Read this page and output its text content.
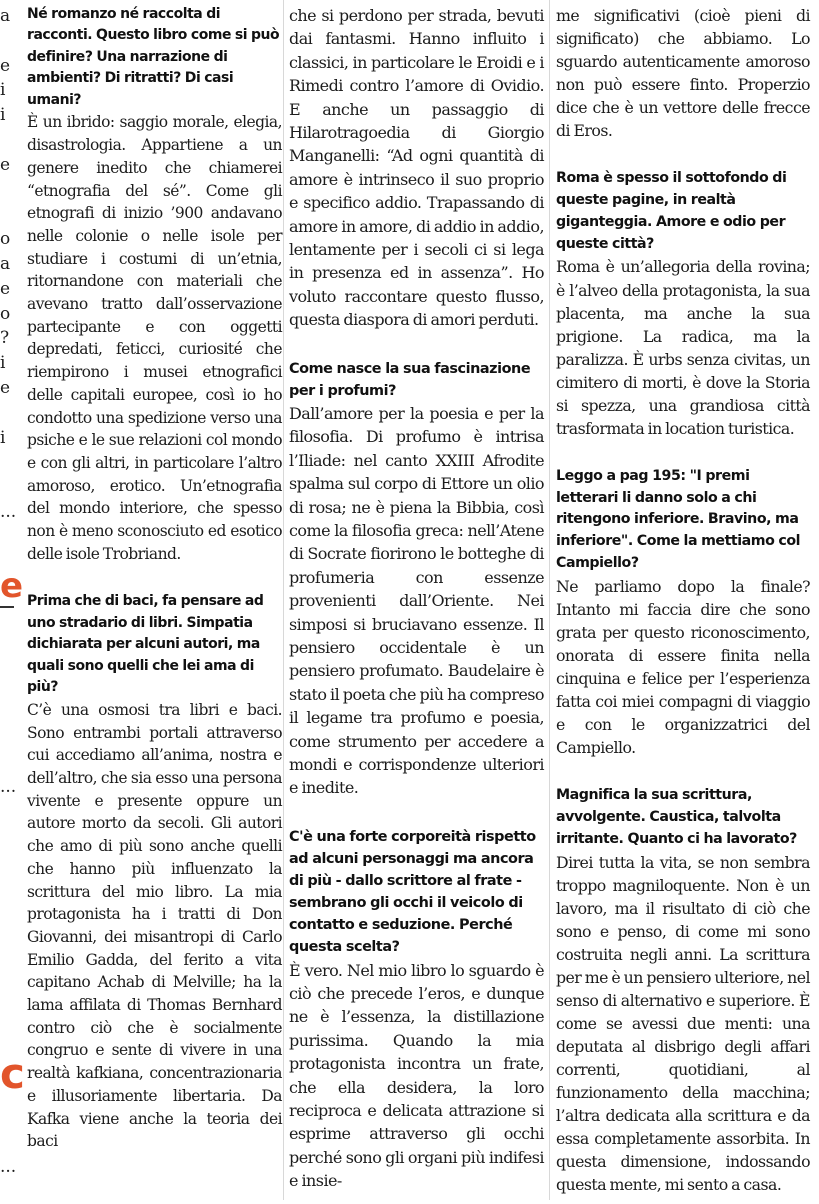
a
e
i
i
e
o
a
e
o
?
i
e
i
...
e
c
...
...

Né romanzo né raccolta di racconti. Questo libro come si può definire? Una narrazione di ambienti? Di ritratti? Di casi umani?

È un ibrido: saggio morale, elegia, disastrologia. Appartiene a un genere inedito che chiamerei “etnografia del sé”. Come gli etnografi di inizio ’900 andavano nelle colonie o nelle isole per studiare i costumi di un’etnia, ritornandone con materiali che avevano tratto dall’osservazione partecipante e con oggetti depredati, feticci, curiosité che riempirono i musei etnografici delle capitali europee, così io ho condotto una spedizione verso una psiche e le sue relazioni col mondo e con gli altri, in particolare l’altro amoroso, erotico. Un’etnografia del mondo interiore, che spesso non è meno sconosciuto ed esotico delle isole Trobriand.

Prima che di baci, fa pensare ad uno stradario di libri. Simpatia dichiarata per alcuni autori, ma quali sono quelli che lei ama di più?

C’è una osmosi tra libri e baci. Sono entrambi portali attraverso cui accediamo all’anima, nostra e dell’altro, che sia esso una persona vivente e presente oppure un autore morto da secoli. Gli autori che amo di più sono anche quelli che hanno più influenzato la scrittura del mio libro. La mia protagonista ha i tratti di Don Giovanni, dei misantropi di Carlo Emilio Gadda, del ferito a vita capitano Achab di Melville; ha la lama affilata di Thomas Bernhard contro ciò che è socialmente congruo e sente di vivere in una realtà kafkiana, concentrazionaria e illusoriamente libertaria. Da Kafka viene anche la teoria dei baci

che si perdono per strada, bevuti dai fantasmi. Hanno influito i classici, in particolare le Eroidi e i Rimedi contro l’amore di Ovidio. E anche un passaggio di Hilarotragoedia di Giorgio Manganelli: “Ad ogni quantità di amore è intrinseco il suo proprio e specifico addio. Trapassando di amore in amore, di addio in addio, lentamente per i secoli ci si lega in presenza ed in assenza”. Ho voluto raccontare questo flusso, questa diaspora di amori perduti.

Come nasce la sua fascinazione per i profumi?

Dall’amore per la poesia e per la filosofia. Di profumo è intrisa l’Iliade: nel canto XXIII Afrodite spalma sul corpo di Ettore un olio di rosa; ne è piena la Bibbia, così come la filosofia greca: nell’Atene di Socrate fiorirono le botteghe di profumeria con essenze provenienti dall’Oriente. Nei simposi si bruciavano essenze. Il pensiero occidentale è un pensiero profumato. Baudelaire è stato il poeta che più ha compreso il legame tra profumo e poesia, come strumento per accedere a mondi e corrispondenze ulteriori e inedite.

C'è una forte corporeità rispetto ad alcuni personaggi ma ancora di più - dallo scrittore al frate - sembrano gli occhi il veicolo di contatto e seduzione. Perché questa scelta?

È vero. Nel mio libro lo sguardo è ciò che precede l’eros, e dunque ne è l’essenza, la distillazione purissima. Quando la mia protagonista incontra un frate, che ella desidera, la loro reciproca e delicata attrazione si esprime attraverso gli occhi perché sono gli organi più indifesi e insie-

me significativi (cioè pieni di significato) che abbiamo. Lo sguardo autenticamente amoroso non può essere finto. Properzio dice che è un vettore delle frecce di Eros.

Roma è spesso il sottofondo di queste pagine, in realtà giganteggia. Amore e odio per queste città?

Roma è un’allegoria della rovina; è l’alveo della protagonista, la sua placenta, ma anche la sua prigione. La radica, ma la paralizza. È urbs senza civitas, un cimitero di morti, è dove la Storia si spezza, una grandiosa città trasformata in location turistica.

Leggo a pag 195: "I premi letterari li danno solo a chi ritengono inferiore. Bravino, ma inferiore". Come la mettiamo col Campiello?

Ne parliamo dopo la finale? Intanto mi faccia dire che sono grata per questo riconoscimento, onorata di essere finita nella cinquina e felice per l’esperienza fatta coi miei compagni di viaggio e con le organizzatrici del Campiello.

Magnifica la sua scrittura, avvolgente. Caustica, talvolta irritante. Quanto ci ha lavorato?

Direi tutta la vita, se non sembra troppo magniloquente. Non è un lavoro, ma il risultato di ciò che sono e penso, di come mi sono costruita negli anni. La scrittura per me è un pensiero ulteriore, nel senso di alternativo e superiore. È come se avessi due menti: una deputata al disbrigo degli affari correnti, quotidiani, al funzionamento della macchina; l’altra dedicata alla scrittura e da essa completamente assorbita. In questa dimensione, indossando questa mente, mi sento a casa.
